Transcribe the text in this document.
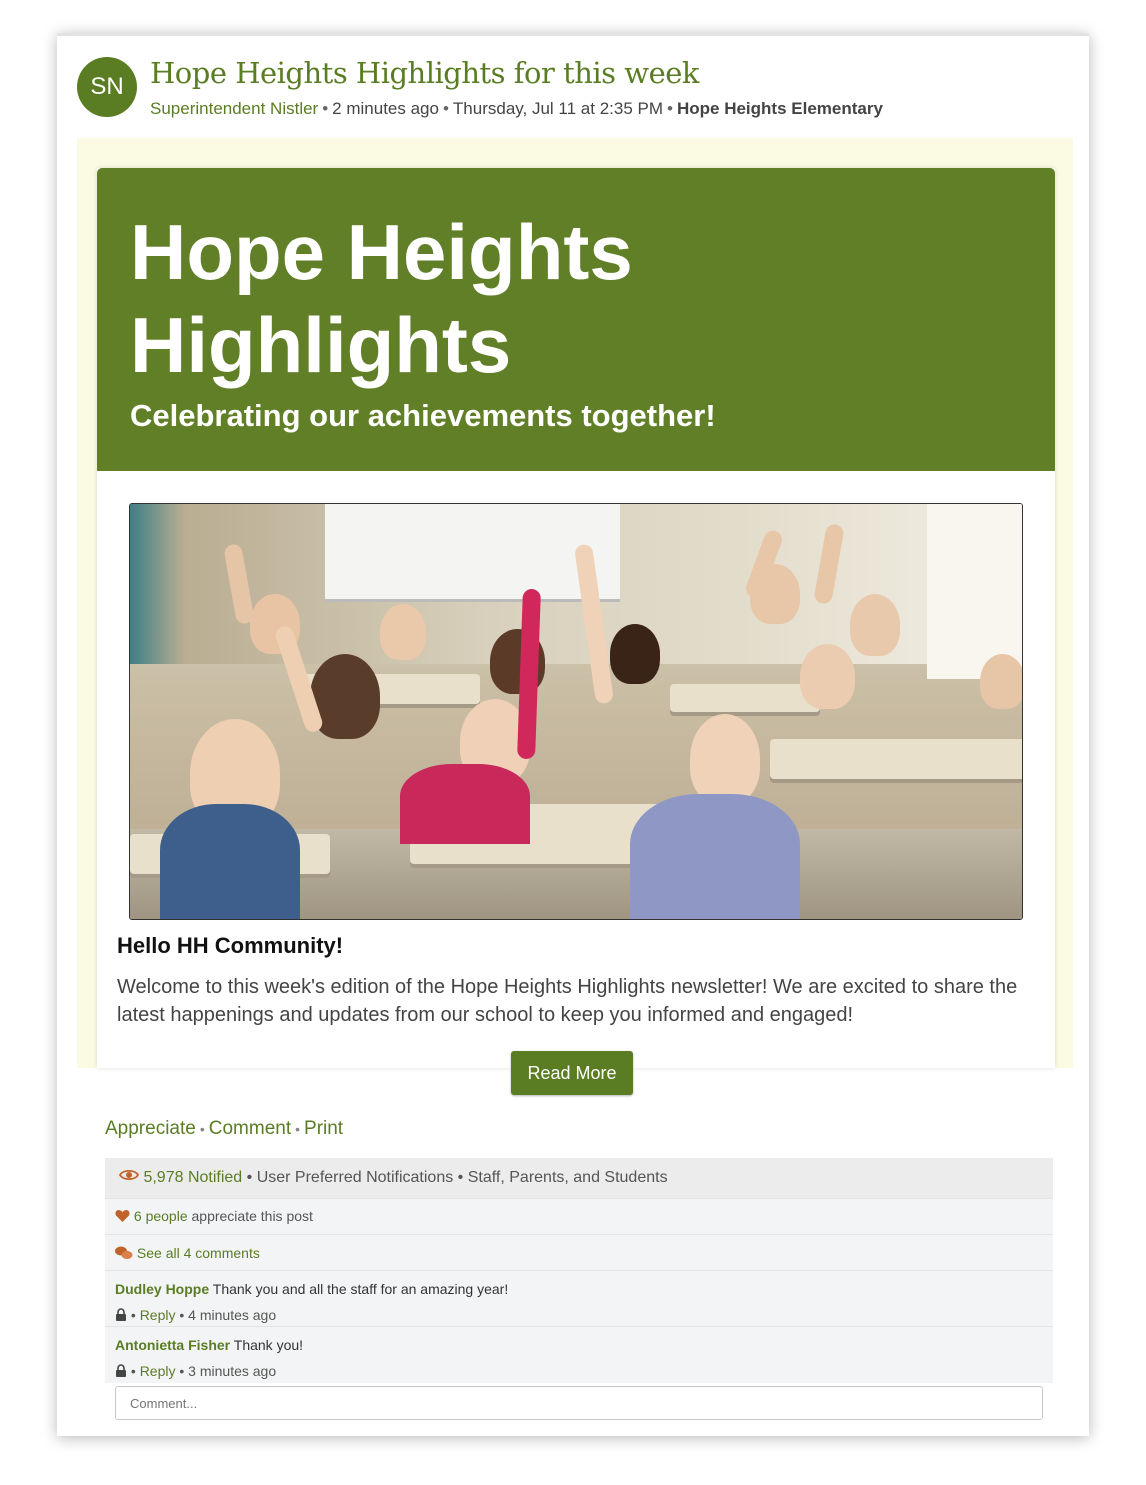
SN Hope Heights Highlights for this week
Superintendent Nistler • 2 minutes ago • Thursday, Jul 11 at 2:35 PM • Hope Heights Elementary
Hope Heights
Highlights
Celebrating our achievements together!
Hello HH Community!

Welcome to this week's edition of the Hope Heights Highlights newsletter! We are excited to share the latest happenings and updates from our school to keep you informed and engaged!

Read More
Appreciate • Comment • Print
5,978 Notified • User Preferred Notifications • Staff, Parents, and Students
6 people appreciate this post
See all 4 comments
Dudley Hoppe Thank you and all the staff for an amazing year!
• Reply • 4 minutes ago
Antonietta Fisher Thank you!
• Reply • 3 minutes ago
Comment...
